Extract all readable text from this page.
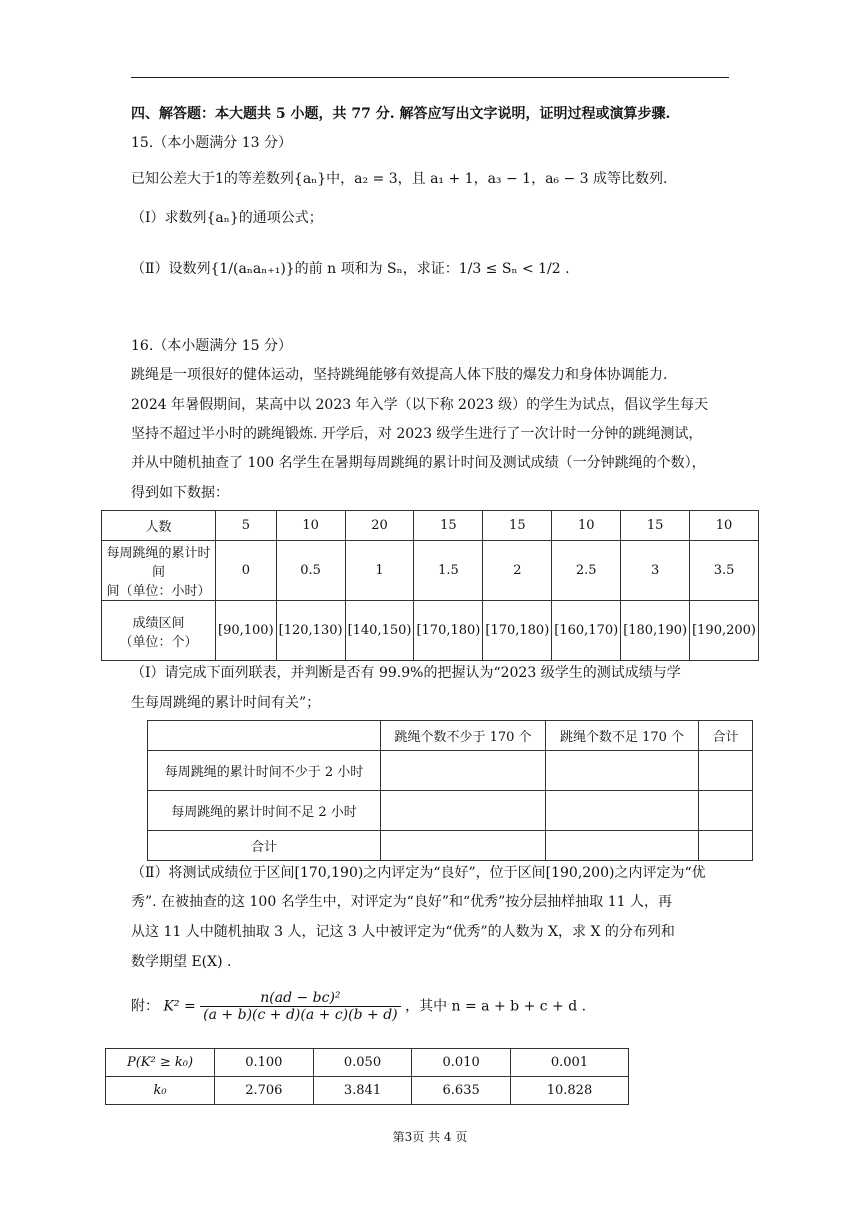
四、解答题：本大题共 5 小题，共 77 分. 解答应写出文字说明，证明过程或演算步骤.
15.（本小题满分 13 分）
已知公差大于1的等差数列{aₙ}中，a₂ = 3，且 a₁ + 1，a₃ − 1，a₆ − 3 成等比数列.
（Ⅰ）求数列{aₙ}的通项公式；
（Ⅱ）设数列{1/(aₙaₙ₊₁)}的前 n 项和为 Sₙ，求证：1/3 ≤ Sₙ < 1/2 .
16.（本小题满分 15 分）
跳绳是一项很好的健体运动，坚持跳绳能够有效提高人体下肢的爆发力和身体协调能力.
2024 年暑假期间，某高中以 2023 年入学（以下称 2023 级）的学生为试点，倡议学生每天
坚持不超过半小时的跳绳锻炼. 开学后，对 2023 级学生进行了一次计时一分钟的跳绳测试，
并从中随机抽查了 100 名学生在暑期每周跳绳的累计时间及测试成绩（一分钟跳绳的个数），
得到如下数据：
人数	5	10	20	15	15	10	15	10
每周跳绳的累计时间
间（单位：小时）	0	0.5	1	1.5	2	2.5	3	3.5
成绩区间
（单位：个）	[90,100)	[120,130)	[140,150)	[170,180)	[170,180)	[160,170)	[180,190)	[190,200)
（Ⅰ）请完成下面列联表，并判断是否有 99.9%的把握认为“2023 级学生的测试成绩与学
生每周跳绳的累计时间有关”；
	跳绳个数不少于 170 个	跳绳个数不足 170 个	合计
每周跳绳的累计时间不少于 2 小时			
每周跳绳的累计时间不足 2 小时			
合计			
（Ⅱ）将测试成绩位于区间[170,190)之内评定为“良好”，位于区间[190,200)之内评定为“优
秀”. 在被抽查的这 100 名学生中，对评定为“良好”和“优秀”按分层抽样抽取 11 人，再
从这 11 人中随机抽取 3 人，记这 3 人中被评定为“优秀”的人数为 X，求 X 的分布列和
数学期望 E(X) .
附： $K^2 = \frac{\text{n(ad − bc)²}}{(a + b)(c + d)(a + c)(b + d)}$ ，其中 n = a + b + c + d .
P(K² ≥ k₀)	0.100	0.050	0.010	0.001
k₀	2.706	3.841	6.635	10.828
第3页 共 4 页
